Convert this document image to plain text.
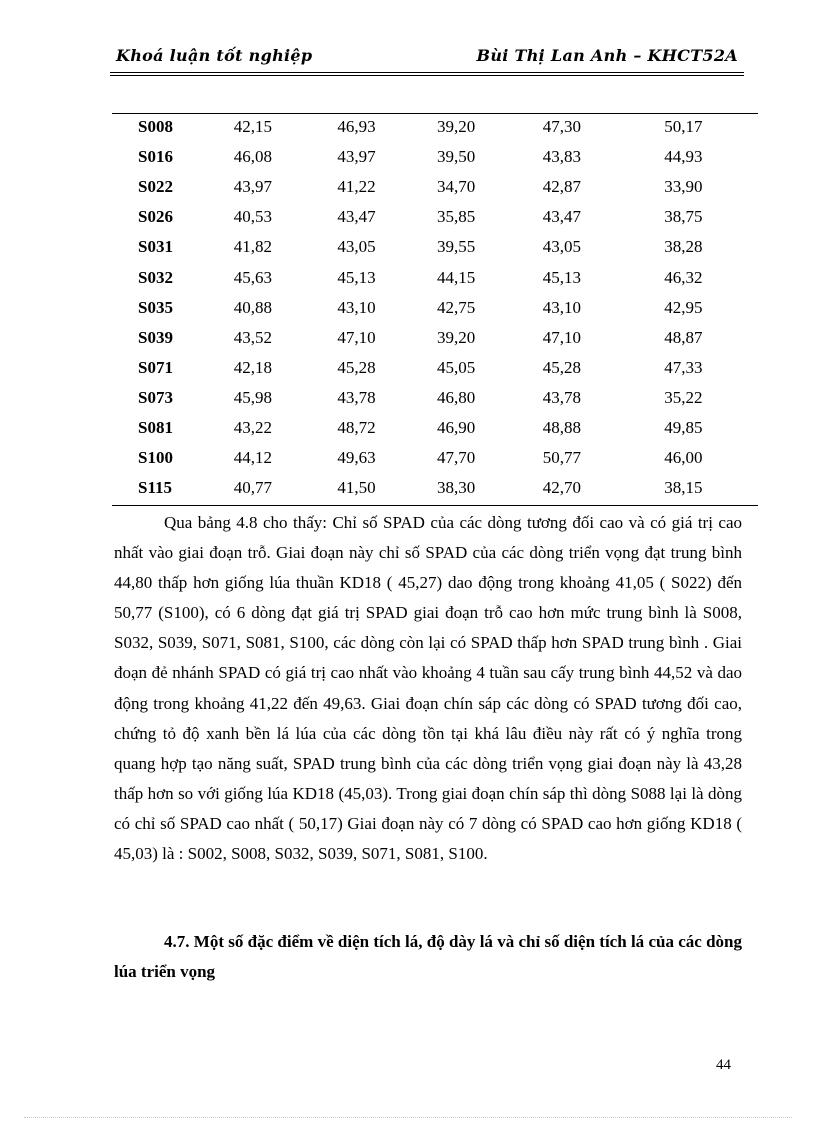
Khoá luận tốt nghiệp	Bùi Thị Lan Anh – KHCT52A
S008	42,15	46,93	39,20	47,30	50,17
S016	46,08	43,97	39,50	43,83	44,93
S022	43,97	41,22	34,70	42,87	33,90
S026	40,53	43,47	35,85	43,47	38,75
S031	41,82	43,05	39,55	43,05	38,28
S032	45,63	45,13	44,15	45,13	46,32
S035	40,88	43,10	42,75	43,10	42,95
S039	43,52	47,10	39,20	47,10	48,87
S071	42,18	45,28	45,05	45,28	47,33
S073	45,98	43,78	46,80	43,78	35,22
S081	43,22	48,72	46,90	48,88	49,85
S100	44,12	49,63	47,70	50,77	46,00
S115	40,77	41,50	38,30	42,70	38,15

Qua bảng 4.8 cho thấy: Chỉ số SPAD của các dòng tương đối cao và có giá trị cao nhất vào giai đoạn trỗ. Giai đoạn này chỉ số SPAD của các dòng triển vọng đạt trung bình 44,80 thấp hơn giống lúa thuần KD18 ( 45,27) dao động trong khoảng 41,05 ( S022) đến 50,77 (S100), có 6 dòng đạt giá trị SPAD giai đoạn trỗ cao hơn mức trung bình là S008, S032, S039, S071, S081, S100, các dòng còn lại có SPAD thấp hơn SPAD trung bình . Giai đoạn đẻ nhánh SPAD có giá trị cao nhất vào khoảng 4 tuần sau cấy trung bình 44,52 và dao động trong khoảng 41,22 đến 49,63. Giai đoạn chín sáp các dòng có SPAD tương đối cao, chứng tỏ độ xanh bền lá lúa của các dòng tồn tại khá lâu điều này rất có ý nghĩa trong quang hợp tạo năng suất, SPAD trung bình của các dòng triển vọng giai đoạn này là 43,28 thấp hơn so với giống lúa KD18 (45,03). Trong giai đoạn chín sáp thì dòng S088 lại là dòng có chỉ số SPAD cao nhất ( 50,17) Giai đoạn này có 7 dòng có SPAD cao hơn giống KD18 ( 45,03) là : S002, S008, S032, S039, S071, S081, S100.

4.7. Một số đặc điểm về diện tích lá, độ dày lá và chỉ số diện tích lá của các dòng lúa triển vọng

44
